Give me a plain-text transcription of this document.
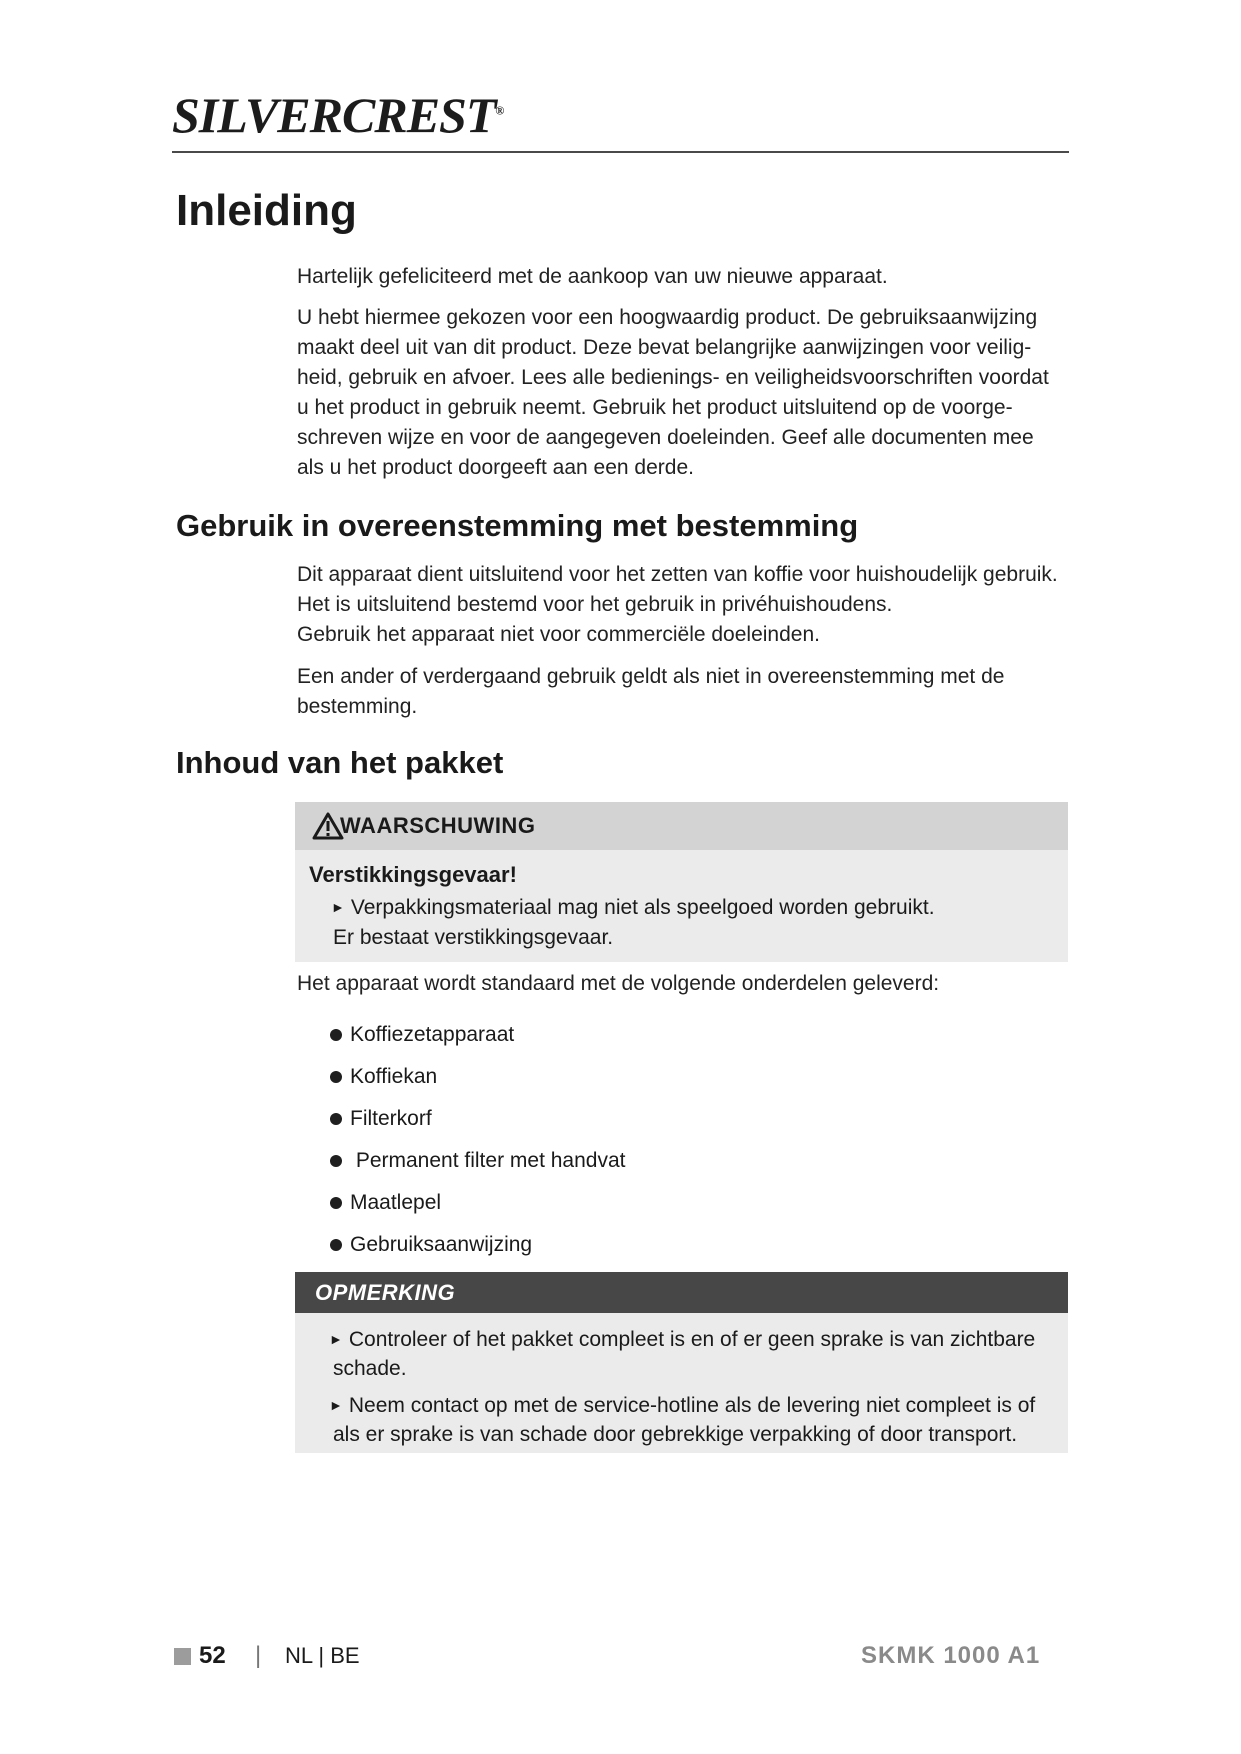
SILVERCREST®
Inleiding

Hartelijk gefeliciteerd met de aankoop van uw nieuwe apparaat.

U hebt hiermee gekozen voor een hoogwaardig product. De gebruiksaanwijzing
maakt deel uit van dit product. Deze bevat belangrijke aanwijzingen voor veilig-
heid, gebruik en afvoer. Lees alle bedienings- en veiligheidsvoorschriften voordat
u het product in gebruik neemt. Gebruik het product uitsluitend op de voorge-
schreven wijze en voor de aangegeven doeleinden. Geef alle documenten mee
als u het product doorgeeft aan een derde.
Gebruik in overeenstemming met bestemming
Dit apparaat dient uitsluitend voor het zetten van koffie voor huishoudelijk gebruik.
Het is uitsluitend bestemd voor het gebruik in privéhuishoudens.
Gebruik het apparaat niet voor commerciële doeleinden.
Een ander of verdergaand gebruik geldt als niet in overeenstemming met de
bestemming.
Inhoud van het pakket
WAARSCHUWING
Verstikkingsgevaar!
► Verpakkingsmateriaal mag niet als speelgoed worden gebruikt.
Er bestaat verstikkingsgevaar.

Het apparaat wordt standaard met de volgende onderdelen geleverd:

Koffiezetapparaat
Koffiekan
Filterkorf
Permanent filter met handvat
Maatlepel
Gebruiksaanwijzing
OPMERKING
► Controleer of het pakket compleet is en of er geen sprake is van zichtbare schade.
► Neem contact op met de service-hotline als de levering niet compleet is of als er sprake is van schade door gebrekkige verpakking of door transport.
52 | NL | BE	SKMK 1000 A1
